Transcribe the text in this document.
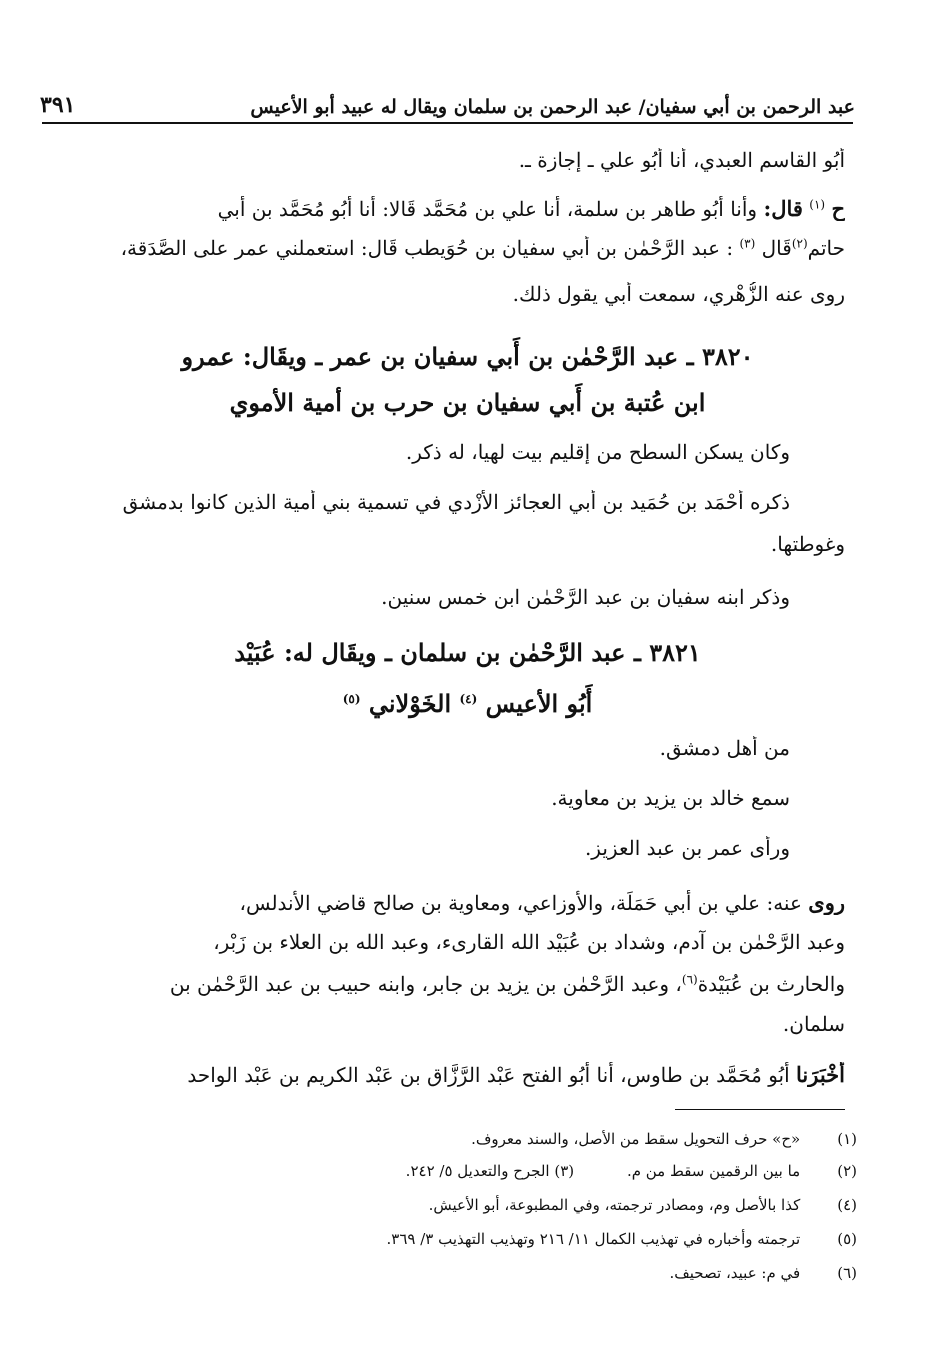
عبد الرحمن بن أبي سفيان/ عبد الرحمن بن سلمان ويقال له عبيد أبو الأعيس
٣٩١
أَبُو القاسم العبدي، أَنا أَبُو علي ـ إجازة ـ.
ح $^{(١)}$ قال: وأنا أَبُو طاهر بن سلمة، أَنا علي بن مُحَمَّد قَالا: أَنا أَبُو مُحَمَّد بن أَبي
حاتم$^{(٢)}$قَال $^{(٣)}$ : عبد الرَّحْمٰن بن أَبي سفيان بن حُوَيطب قَال: استعملني عمر على الصَّدَقة،
روى عنه الزُّهْري، سمعت أَبي يقول ذلك.
٣٨٢٠ ـ عبد الرَّحْمٰن بن أَبي سفيان بن عمر ـ ويقَال: عمرو
ابن عُتبة بن أَبي سفيان بن حرب بن أمية الأموي
وكان يسكن السطح من إقليم بيت لهيا، له ذكر.
ذكره أَحْمَد بن حُمَيد بن أَبي العجائز الأَزْدي في تسمية بني أمية الذين كانوا بدمشق
وغوطتها.
وذكر ابنه سفيان بن عبد الرَّحْمٰن ابن خمس سنين.
٣٨٢١ ـ عبد الرَّحْمٰن بن سلمان ـ ويقَال له: عُبَيْد
أَبُو الأعيس $^{(٤)}$ الخَوْلاني $^{(٥)}$
من أهل دمشق.
سمع خالد بن يزيد بن معاوية.
ورأى عمر بن عبد العزيز.
روى عنه: علي بن أَبي حَمَلَة، والأوزاعي، ومعاوية بن صالح قاضي الأندلس،
وعبد الرَّحْمٰن بن آدم، وشداد بن عُبَيْد الله القارىء، وعبد الله بن العلاء بن زَبْر،
والحارث بن عُبَيْدة$^{(٦)}$، وعبد الرَّحْمٰن بن يزيد بن جابر، وابنه حبيب بن عبد الرَّحْمٰن بن
سلمان.
أَخْبَرَنا أَبُو مُحَمَّد بن طاوس، أَنا أَبُو الفتح عَبْد الرَّزَّاق بن عَبْد الكريم بن عَبْد الواحد
(١) «ح» حرف التحويل سقط من الأصل، والسند معروف.
(٢) ما بين الرقمين سقط من م. (٣) الجرح والتعديل ٥/ ٢٤٢.
(٤) كذا بالأصل وم، ومصادر ترجمته، وفي المطبوعة، أبو الأعيش.
(٥) ترجمته وأخباره في تهذيب الكمال ١١/ ٢١٦ وتهذيب التهذيب ٣/ ٣٦٩.
(٦) في م: عبيد، تصحيف.
